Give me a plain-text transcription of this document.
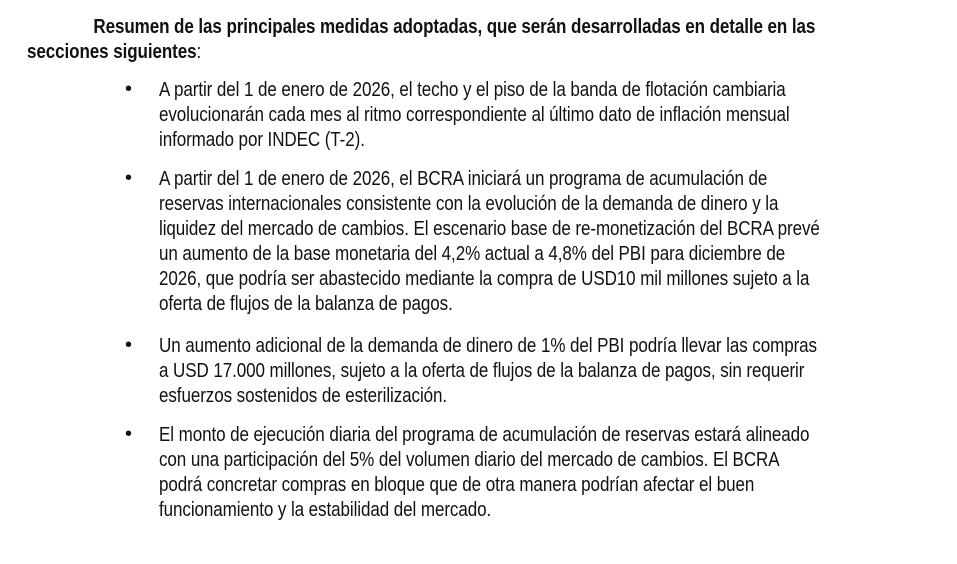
Resumen de las principales medidas adoptadas, que serán desarrolladas en detalle en las
secciones siguientes:
• A partir del 1 de enero de 2026, el techo y el piso de la banda de flotación cambiaria
evolucionarán cada mes al ritmo correspondiente al último dato de inflación mensual
informado por INDEC (T-2).
• A partir del 1 de enero de 2026, el BCRA iniciará un programa de acumulación de
reservas internacionales consistente con la evolución de la demanda de dinero y la
liquidez del mercado de cambios. El escenario base de re-monetización del BCRA prevé
un aumento de la base monetaria del 4,2% actual a 4,8% del PBI para diciembre de
2026, que podría ser abastecido mediante la compra de USD10 mil millones sujeto a la
oferta de flujos de la balanza de pagos.
• Un aumento adicional de la demanda de dinero de 1% del PBI podría llevar las compras
a USD 17.000 millones, sujeto a la oferta de flujos de la balanza de pagos, sin requerir
esfuerzos sostenidos de esterilización.
• El monto de ejecución diaria del programa de acumulación de reservas estará alineado
con una participación del 5% del volumen diario del mercado de cambios. El BCRA
podrá concretar compras en bloque que de otra manera podrían afectar el buen
funcionamiento y la estabilidad del mercado.
